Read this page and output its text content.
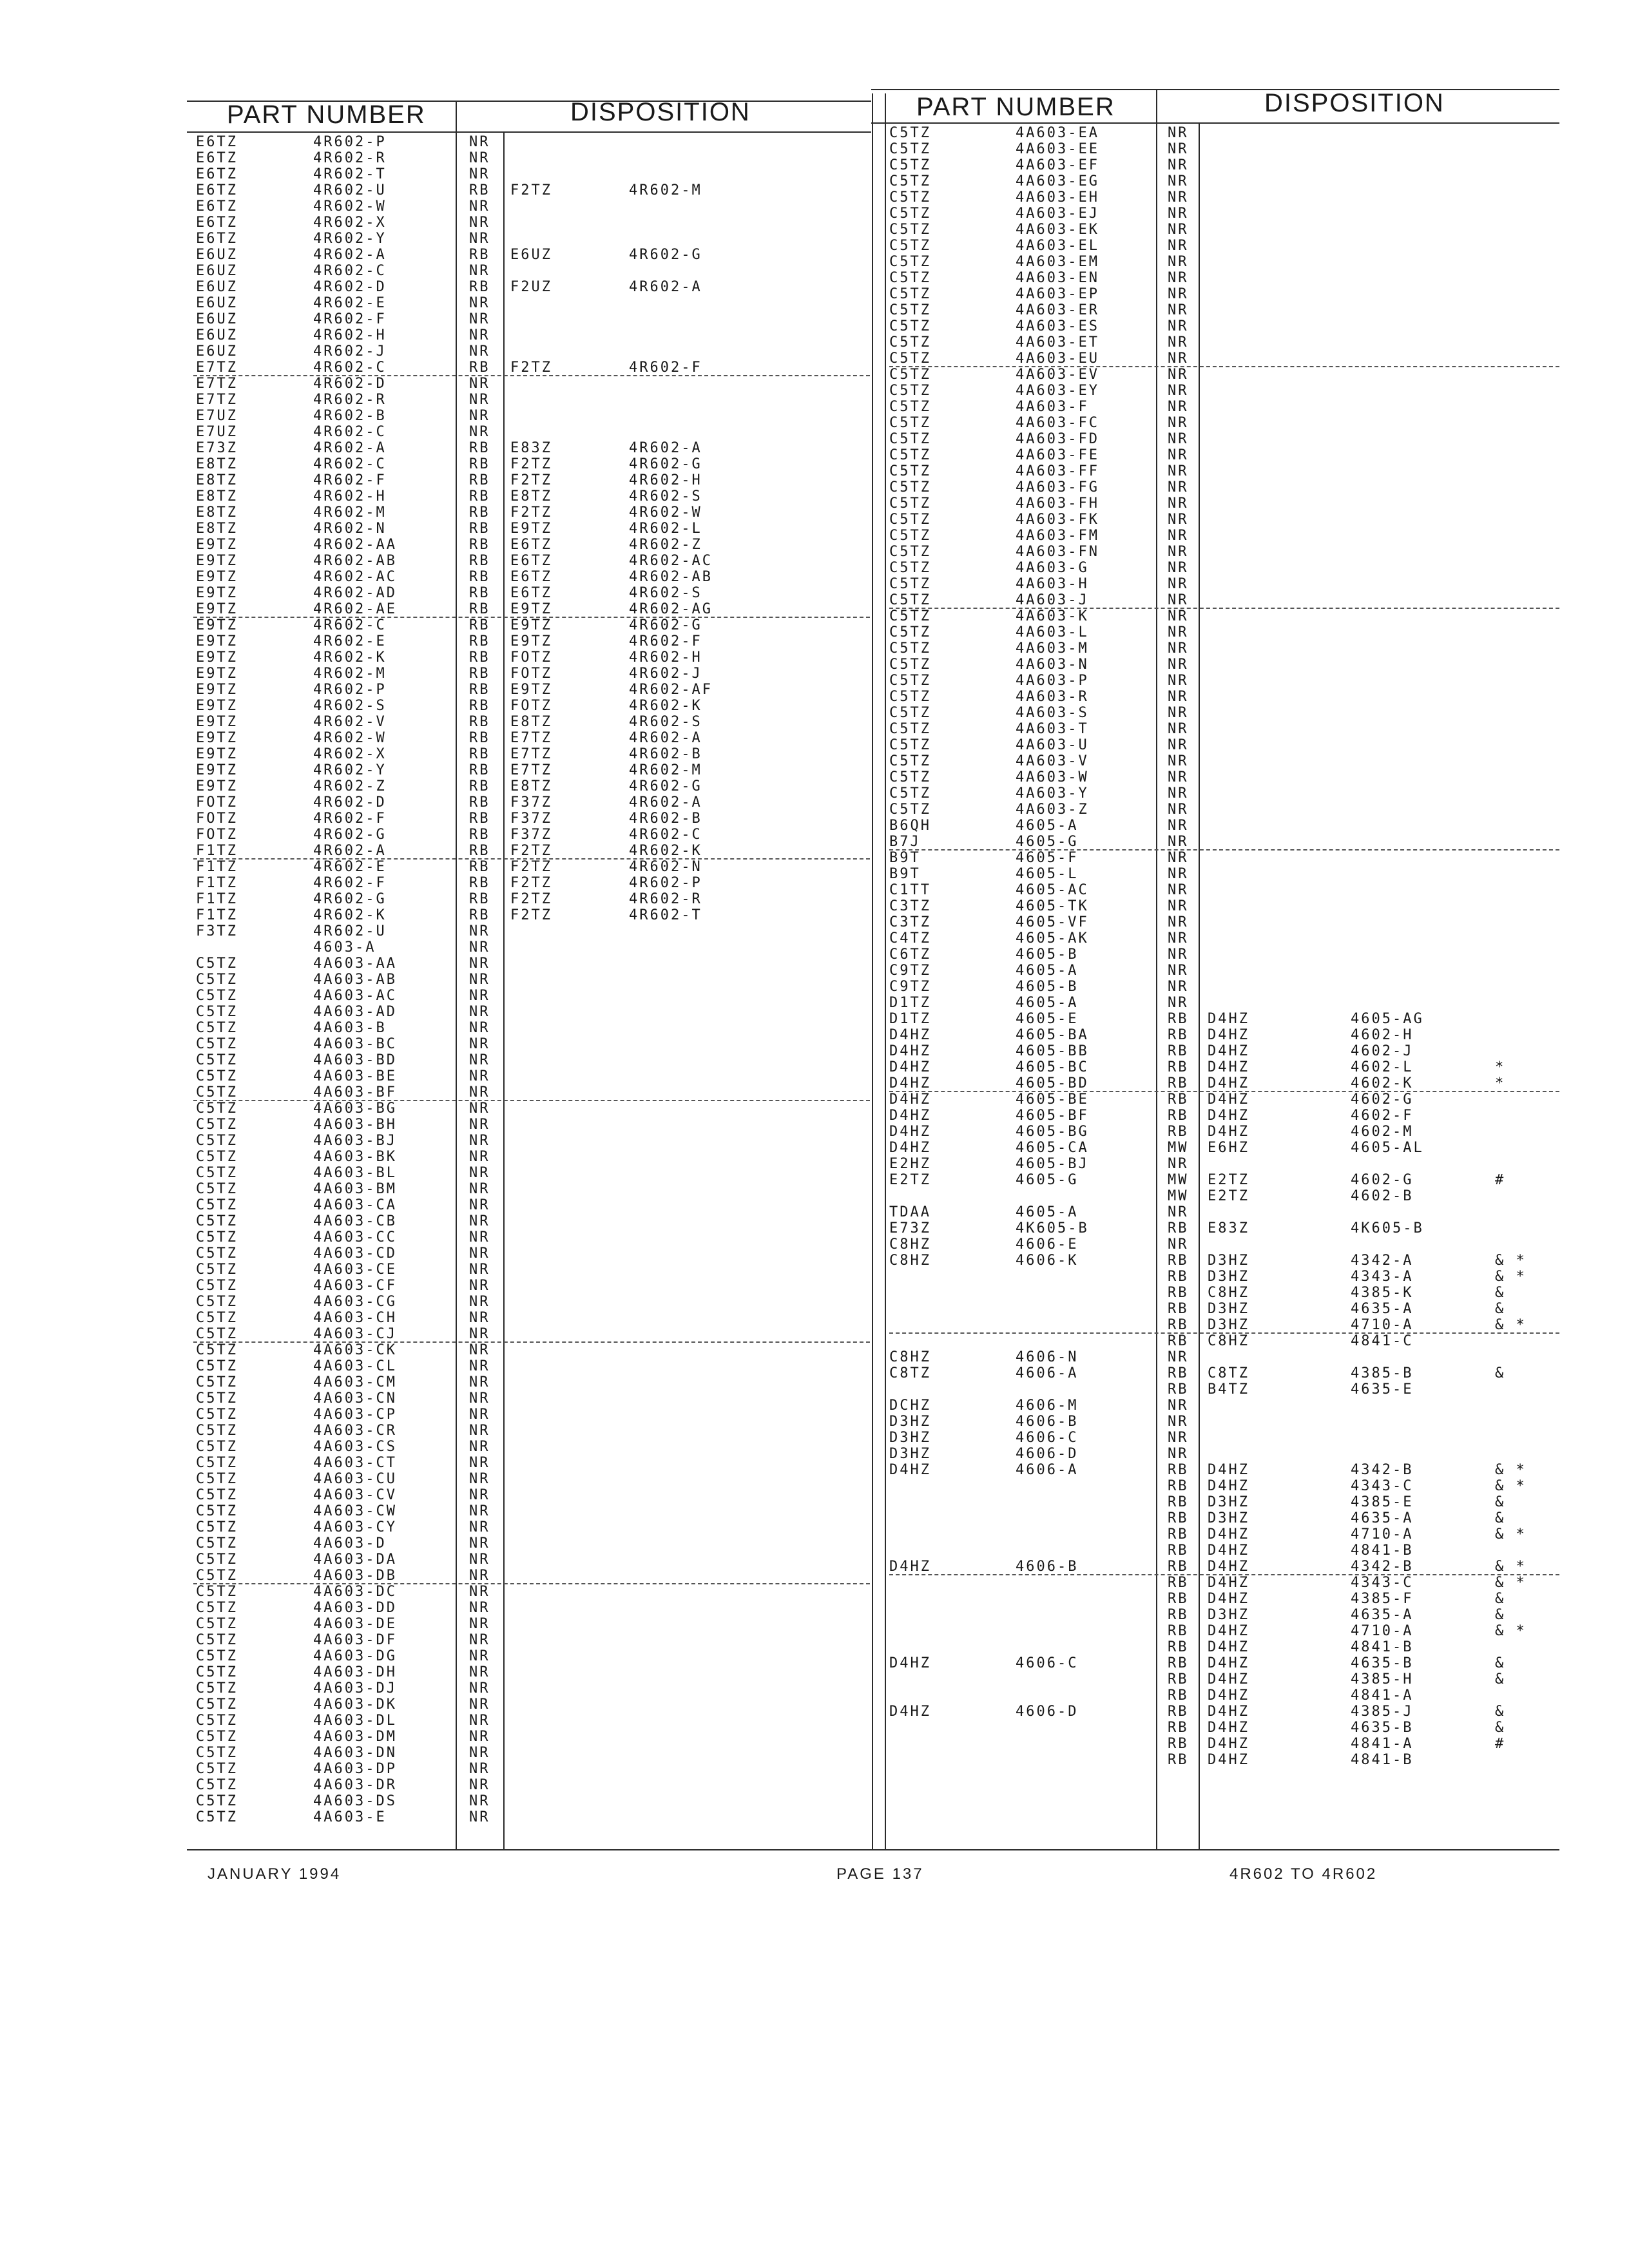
PART NUMBER	DISPOSITION	PART NUMBER	DISPOSITION
E6TZ	4R602-P	NR
E6TZ	4R602-R	NR
E6TZ	4R602-T	NR
E6TZ	4R602-U	RB F2TZ	4R602-M
E6TZ	4R602-W	NR
E6TZ	4R602-X	NR
E6TZ	4R602-Y	NR
E6UZ	4R602-A	RB E6UZ	4R602-G
E6UZ	4R602-C	NR
E6UZ	4R602-D	RB F2UZ	4R602-A
E6UZ	4R602-E	NR
E6UZ	4R602-F	NR
E6UZ	4R602-H	NR
E6UZ	4R602-J	NR
E7TZ	4R602-C	RB F2TZ	4R602-F
E7TZ	4R602-D	NR
E7TZ	4R602-R	NR
E7UZ	4R602-B	NR
E7UZ	4R602-C	NR
E73Z	4R602-A	RB E83Z	4R602-A
E8TZ	4R602-C	RB F2TZ	4R602-G
E8TZ	4R602-F	RB F2TZ	4R602-H
E8TZ	4R602-H	RB E8TZ	4R602-S
E8TZ	4R602-M	RB F2TZ	4R602-W
E8TZ	4R602-N	RB E9TZ	4R602-L
E9TZ	4R602-AA	RB E6TZ	4R602-Z
E9TZ	4R602-AB	RB E6TZ	4R602-AC
E9TZ	4R602-AC	RB E6TZ	4R602-AB
E9TZ	4R602-AD	RB E6TZ	4R602-S
E9TZ	4R602-AE	RB E9TZ	4R602-AG
E9TZ	4R602-C	RB E9TZ	4R602-G
E9TZ	4R602-E	RB E9TZ	4R602-F
E9TZ	4R602-K	RB FOTZ	4R602-H
E9TZ	4R602-M	RB FOTZ	4R602-J
E9TZ	4R602-P	RB E9TZ	4R602-AF
E9TZ	4R602-S	RB FOTZ	4R602-K
E9TZ	4R602-V	RB E8TZ	4R602-S
E9TZ	4R602-W	RB E7TZ	4R602-A
E9TZ	4R602-X	RB E7TZ	4R602-B
E9TZ	4R602-Y	RB E7TZ	4R602-M
E9TZ	4R602-Z	RB E8TZ	4R602-G
FOTZ	4R602-D	RB F37Z	4R602-A
FOTZ	4R602-F	RB F37Z	4R602-B
FOTZ	4R602-G	RB F37Z	4R602-C
F1TZ	4R602-A	RB F2TZ	4R602-K
F1TZ	4R602-E	RB F2TZ	4R602-N
F1TZ	4R602-F	RB F2TZ	4R602-P
F1TZ	4R602-G	RB F2TZ	4R602-R
F1TZ	4R602-K	RB F2TZ	4R602-T
F3TZ	4R602-U	NR
4603-A	NR
C5TZ	4A603-AA	NR
C5TZ	4A603-AB	NR
C5TZ	4A603-AC	NR
C5TZ	4A603-AD	NR
C5TZ	4A603-B	NR
C5TZ	4A603-BC	NR
C5TZ	4A603-BD	NR
C5TZ	4A603-BE	NR
C5TZ	4A603-BF	NR
C5TZ	4A603-BG	NR
C5TZ	4A603-BH	NR
C5TZ	4A603-BJ	NR
C5TZ	4A603-BK	NR
C5TZ	4A603-BL	NR
C5TZ	4A603-BM	NR
C5TZ	4A603-CA	NR
C5TZ	4A603-CB	NR
C5TZ	4A603-CC	NR
C5TZ	4A603-CD	NR
C5TZ	4A603-CE	NR
C5TZ	4A603-CF	NR
C5TZ	4A603-CG	NR
C5TZ	4A603-CH	NR
C5TZ	4A603-CJ	NR
C5TZ	4A603-CK	NR
C5TZ	4A603-CL	NR
C5TZ	4A603-CM	NR
C5TZ	4A603-CN	NR
C5TZ	4A603-CP	NR
C5TZ	4A603-CR	NR
C5TZ	4A603-CS	NR
C5TZ	4A603-CT	NR
C5TZ	4A603-CU	NR
C5TZ	4A603-CV	NR
C5TZ	4A603-CW	NR
C5TZ	4A603-CY	NR
C5TZ	4A603-D	NR
C5TZ	4A603-DA	NR
C5TZ	4A603-DB	NR
C5TZ	4A603-DC	NR
C5TZ	4A603-DD	NR
C5TZ	4A603-DE	NR
C5TZ	4A603-DF	NR
C5TZ	4A603-DG	NR
C5TZ	4A603-DH	NR
C5TZ	4A603-DJ	NR
C5TZ	4A603-DK	NR
C5TZ	4A603-DL	NR
C5TZ	4A603-DM	NR
C5TZ	4A603-DN	NR
C5TZ	4A603-DP	NR
C5TZ	4A603-DR	NR
C5TZ	4A603-DS	NR
C5TZ	4A603-E	NR
C5TZ	4A603-EA	NR
C5TZ	4A603-EE	NR
C5TZ	4A603-EF	NR
C5TZ	4A603-EG	NR
C5TZ	4A603-EH	NR
C5TZ	4A603-EJ	NR
C5TZ	4A603-EK	NR
C5TZ	4A603-EL	NR
C5TZ	4A603-EM	NR
C5TZ	4A603-EN	NR
C5TZ	4A603-EP	NR
C5TZ	4A603-ER	NR
C5TZ	4A603-ES	NR
C5TZ	4A603-ET	NR
C5TZ	4A603-EU	NR
C5TZ	4A603-EV	NR
C5TZ	4A603-EY	NR
C5TZ	4A603-F	NR
C5TZ	4A603-FC	NR
C5TZ	4A603-FD	NR
C5TZ	4A603-FE	NR
C5TZ	4A603-FF	NR
C5TZ	4A603-FG	NR
C5TZ	4A603-FH	NR
C5TZ	4A603-FK	NR
C5TZ	4A603-FM	NR
C5TZ	4A603-FN	NR
C5TZ	4A603-G	NR
C5TZ	4A603-H	NR
C5TZ	4A603-J	NR
C5TZ	4A603-K	NR
C5TZ	4A603-L	NR
C5TZ	4A603-M	NR
C5TZ	4A603-N	NR
C5TZ	4A603-P	NR
C5TZ	4A603-R	NR
C5TZ	4A603-S	NR
C5TZ	4A603-T	NR
C5TZ	4A603-U	NR
C5TZ	4A603-V	NR
C5TZ	4A603-W	NR
C5TZ	4A603-Y	NR
C5TZ	4A603-Z	NR
B6QH	4605-A	NR
B7J	4605-G	NR
B9T	4605-F	NR
B9T	4605-L	NR
C1TT	4605-AC	NR
C3TZ	4605-TK	NR
C3TZ	4605-VF	NR
C4TZ	4605-AK	NR
C6TZ	4605-B	NR
C9TZ	4605-A	NR
C9TZ	4605-B	NR
D1TZ	4605-A	NR
D1TZ	4605-E	RB D4HZ	4605-AG
D4HZ	4605-BA	RB D4HZ	4602-H
D4HZ	4605-BB	RB D4HZ	4602-J
D4HZ	4605-BC	RB D4HZ	4602-L	*
D4HZ	4605-BD	RB D4HZ	4602-K	*
D4HZ	4605-BE	RB D4HZ	4602-G
D4HZ	4605-BF	RB D4HZ	4602-F
D4HZ	4605-BG	RB D4HZ	4602-M
D4HZ	4605-CA	MW E6HZ	4605-AL
E2HZ	4605-BJ	NR
E2TZ	4605-G	MW E2TZ	4602-G	#
MW E2TZ	4602-B
TDAA	4605-A	NR
E73Z	4K605-B	RB E83Z	4K605-B
C8HZ	4606-E	NR
C8HZ	4606-K	RB D3HZ	4342-A	& *
RB D3HZ	4343-A	& *
RB C8HZ	4385-K	&
RB D3HZ	4635-A	&
RB D3HZ	4710-A	& *
RB C8HZ	4841-C
C8HZ	4606-N	NR
C8TZ	4606-A	RB C8TZ	4385-B	&
RB B4TZ	4635-E
DCHZ	4606-M	NR
D3HZ	4606-B	NR
D3HZ	4606-C	NR
D3HZ	4606-D	NR
D4HZ	4606-A	RB D4HZ	4342-B	& *
RB D4HZ	4343-C	& *
RB D3HZ	4385-E	&
RB D3HZ	4635-A	&
RB D4HZ	4710-A	& *
RB D4HZ	4841-B
D4HZ	4606-B	RB D4HZ	4342-B	& *
RB D4HZ	4343-C	& *
RB D4HZ	4385-F	&
RB D3HZ	4635-A	&
RB D4HZ	4710-A	& *
RB D4HZ	4841-B
D4HZ	4606-C	RB D4HZ	4635-B	&
RB D4HZ	4385-H	&
RB D4HZ	4841-A
D4HZ	4606-D	RB D4HZ	4385-J	&
RB D4HZ	4635-B	&
RB D4HZ	4841-A	#
RB D4HZ	4841-B
JANUARY 1994	PAGE 137	4R602 TO 4R602
